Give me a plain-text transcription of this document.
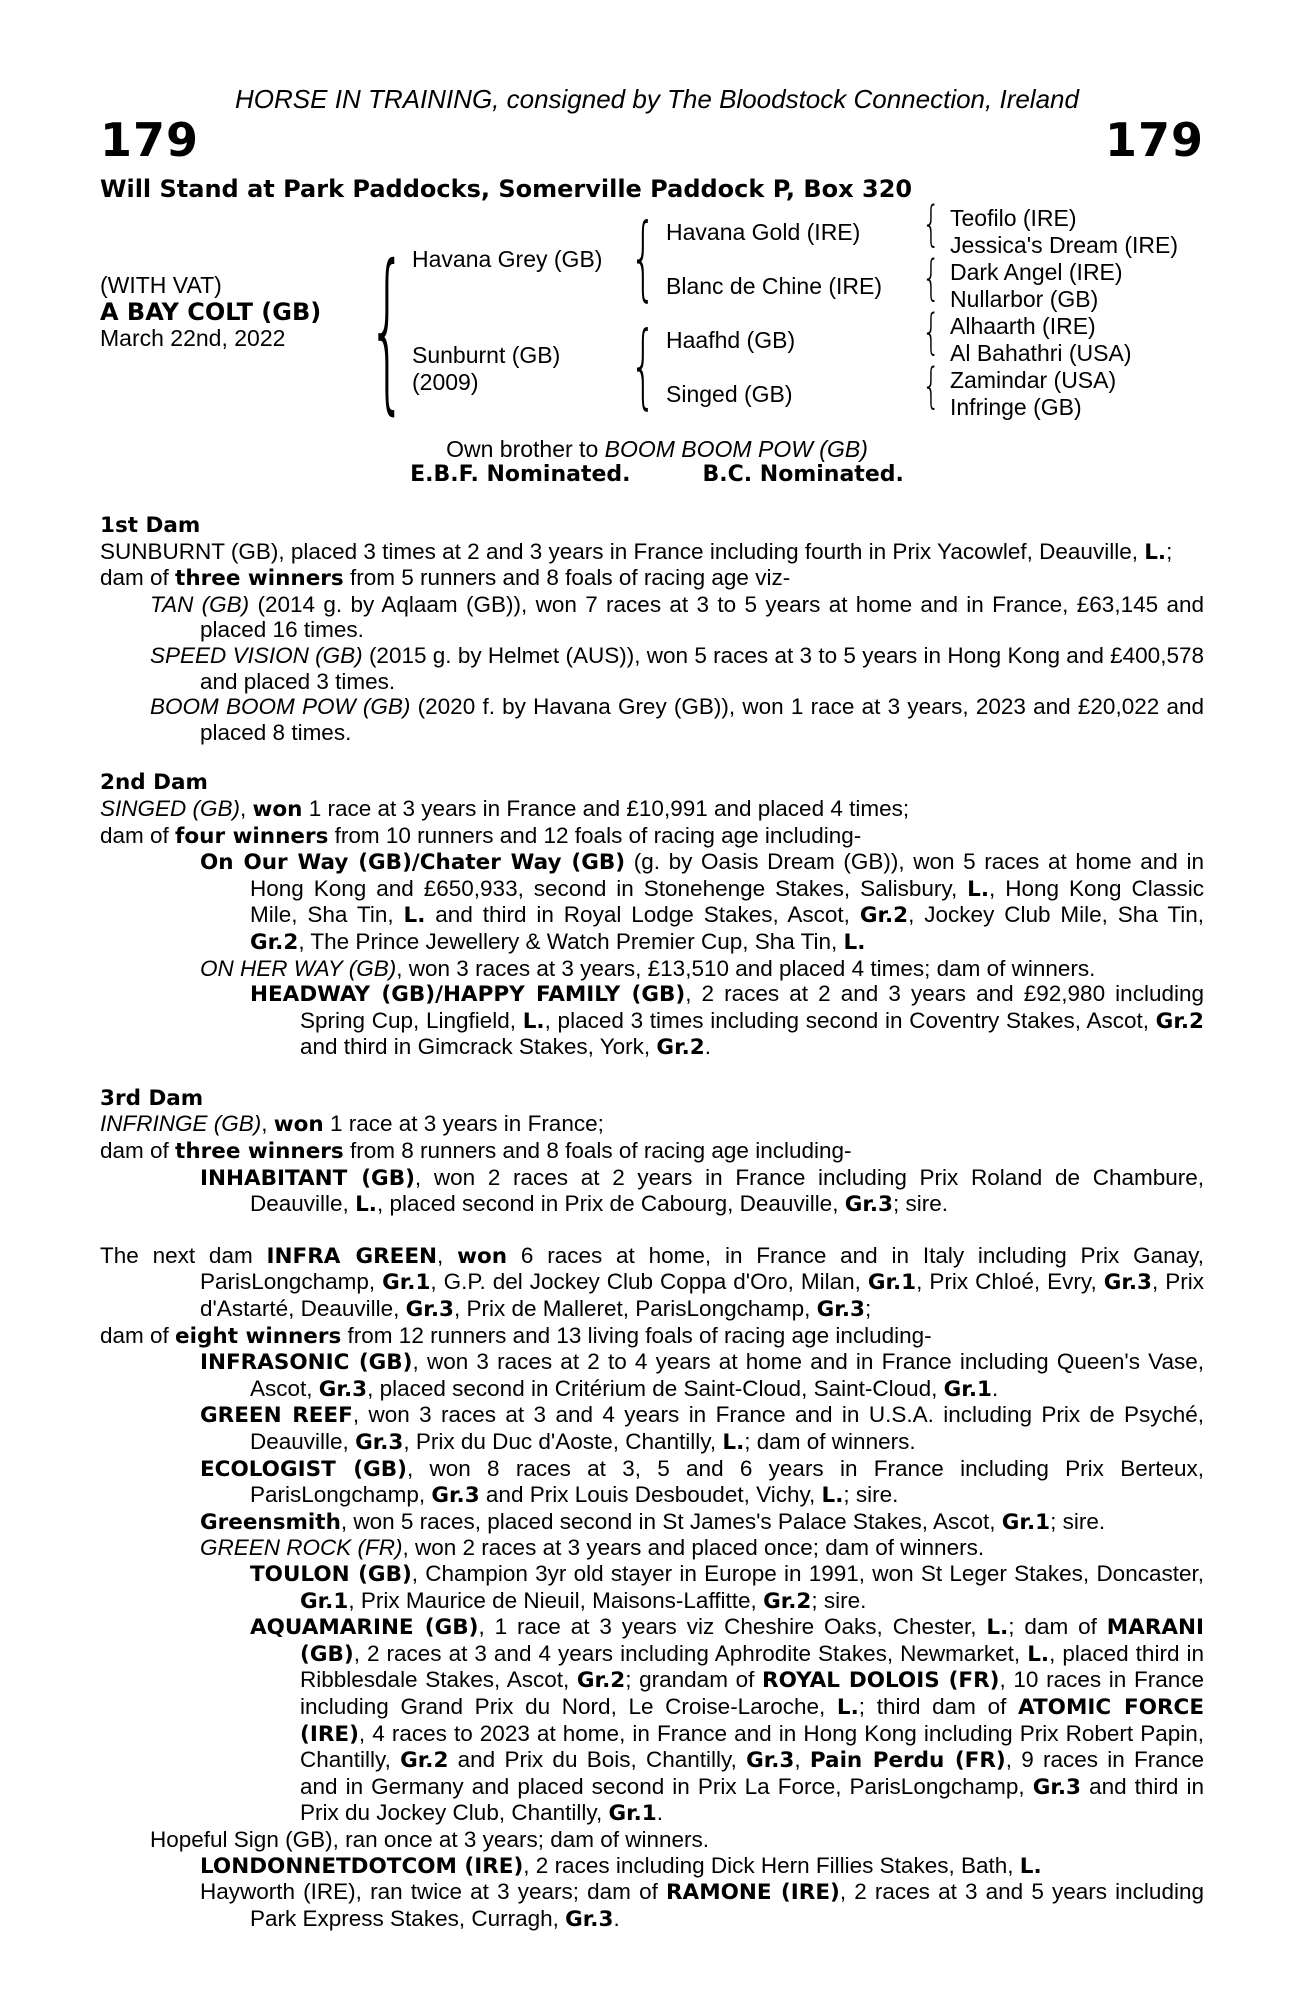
HORSE IN TRAINING, consigned by The Bloodstock Connection, Ireland
179	179
Will Stand at Park Paddocks, Somerville Paddock P, Box 320
(WITH VAT)
A BAY COLT (GB)
March 22nd, 2022 { Havana Grey (GB)
Sunburnt (GB)
(2009)
{
{
Havana Gold (IRE)
Blanc de Chine (IRE)
Haafhd (GB)
Singed (GB)
{
{
{
{
Teofilo (IRE)
Jessica's Dream (IRE)
Dark Angel (IRE)
Nullarbor (GB)
Alhaarth (IRE)
Al Bahathri (USA)
Zamindar (USA)
Infringe (GB)
Own brother to BOOM BOOM POW (GB)
E.B.F. Nominated.	B.C. Nominated.

1st Dam

SUNBURNT (GB), placed 3 times at 2 and 3 years in France including fourth in Prix Yacowlef, Deauville, L.;

dam of three winners from 5 runners and 8 foals of racing age viz-

TAN (GB) (2014 g. by Aqlaam (GB)), won 7 races at 3 to 5 years at home and in France, £63,145 and placed 16 times.

SPEED VISION (GB) (2015 g. by Helmet (AUS)), won 5 races at 3 to 5 years in Hong Kong and £400,578 and placed 3 times.

BOOM BOOM POW (GB) (2020 f. by Havana Grey (GB)), won 1 race at 3 years, 2023 and £20,022 and placed 8 times.

2nd Dam

SINGED (GB), won 1 race at 3 years in France and £10,991 and placed 4 times;

dam of four winners from 10 runners and 12 foals of racing age including-

On Our Way (GB)/Chater Way (GB) (g. by Oasis Dream (GB)), won 5 races at home and in Hong Kong and £650,933, second in Stonehenge Stakes, Salisbury, L., Hong Kong Classic Mile, Sha Tin, L. and third in Royal Lodge Stakes, Ascot, Gr.2, Jockey Club Mile, Sha Tin, Gr.2, The Prince Jewellery & Watch Premier Cup, Sha Tin, L.

ON HER WAY (GB), won 3 races at 3 years, £13,510 and placed 4 times; dam of winners.

HEADWAY (GB)/HAPPY FAMILY (GB), 2 races at 2 and 3 years and £92,980 including Spring Cup, Lingfield, L., placed 3 times including second in Coventry Stakes, Ascot, Gr.2 and third in Gimcrack Stakes, York, Gr.2.

3rd Dam

INFRINGE (GB), won 1 race at 3 years in France;

dam of three winners from 8 runners and 8 foals of racing age including-

INHABITANT (GB), won 2 races at 2 years in France including Prix Roland de Chambure, Deauville, L., placed second in Prix de Cabourg, Deauville, Gr.3; sire.

The next dam INFRA GREEN, won 6 races at home, in France and in Italy including Prix Ganay, ParisLongchamp, Gr.1, G.P. del Jockey Club Coppa d'Oro, Milan, Gr.1, Prix Chloé, Evry, Gr.3, Prix d'Astarté, Deauville, Gr.3, Prix de Malleret, ParisLongchamp, Gr.3;

dam of eight winners from 12 runners and 13 living foals of racing age including-

INFRASONIC (GB), won 3 races at 2 to 4 years at home and in France including Queen's Vase, Ascot, Gr.3, placed second in Critérium de Saint-Cloud, Saint-Cloud, Gr.1.

GREEN REEF, won 3 races at 3 and 4 years in France and in U.S.A. including Prix de Psyché, Deauville, Gr.3, Prix du Duc d'Aoste, Chantilly, L.; dam of winners.

ECOLOGIST (GB), won 8 races at 3, 5 and 6 years in France including Prix Berteux, ParisLongchamp, Gr.3 and Prix Louis Desboudet, Vichy, L.; sire.

Greensmith, won 5 races, placed second in St James's Palace Stakes, Ascot, Gr.1; sire.

GREEN ROCK (FR), won 2 races at 3 years and placed once; dam of winners.

TOULON (GB), Champion 3yr old stayer in Europe in 1991, won St Leger Stakes, Doncaster, Gr.1, Prix Maurice de Nieuil, Maisons-Laffitte, Gr.2; sire.

AQUAMARINE (GB), 1 race at 3 years viz Cheshire Oaks, Chester, L.; dam of MARANI (GB), 2 races at 3 and 4 years including Aphrodite Stakes, Newmarket, L., placed third in Ribblesdale Stakes, Ascot, Gr.2; grandam of ROYAL DOLOIS (FR), 10 races in France including Grand Prix du Nord, Le Croise-Laroche, L.; third dam of ATOMIC FORCE (IRE), 4 races to 2023 at home, in France and in Hong Kong including Prix Robert Papin, Chantilly, Gr.2 and Prix du Bois, Chantilly, Gr.3, Pain Perdu (FR), 9 races in France and in Germany and placed second in Prix La Force, ParisLongchamp, Gr.3 and third in Prix du Jockey Club, Chantilly, Gr.1.

Hopeful Sign (GB), ran once at 3 years; dam of winners.

LONDONNETDOTCOM (IRE), 2 races including Dick Hern Fillies Stakes, Bath, L.

Hayworth (IRE), ran twice at 3 years; dam of RAMONE (IRE), 2 races at 3 and 5 years including Park Express Stakes, Curragh, Gr.3.
